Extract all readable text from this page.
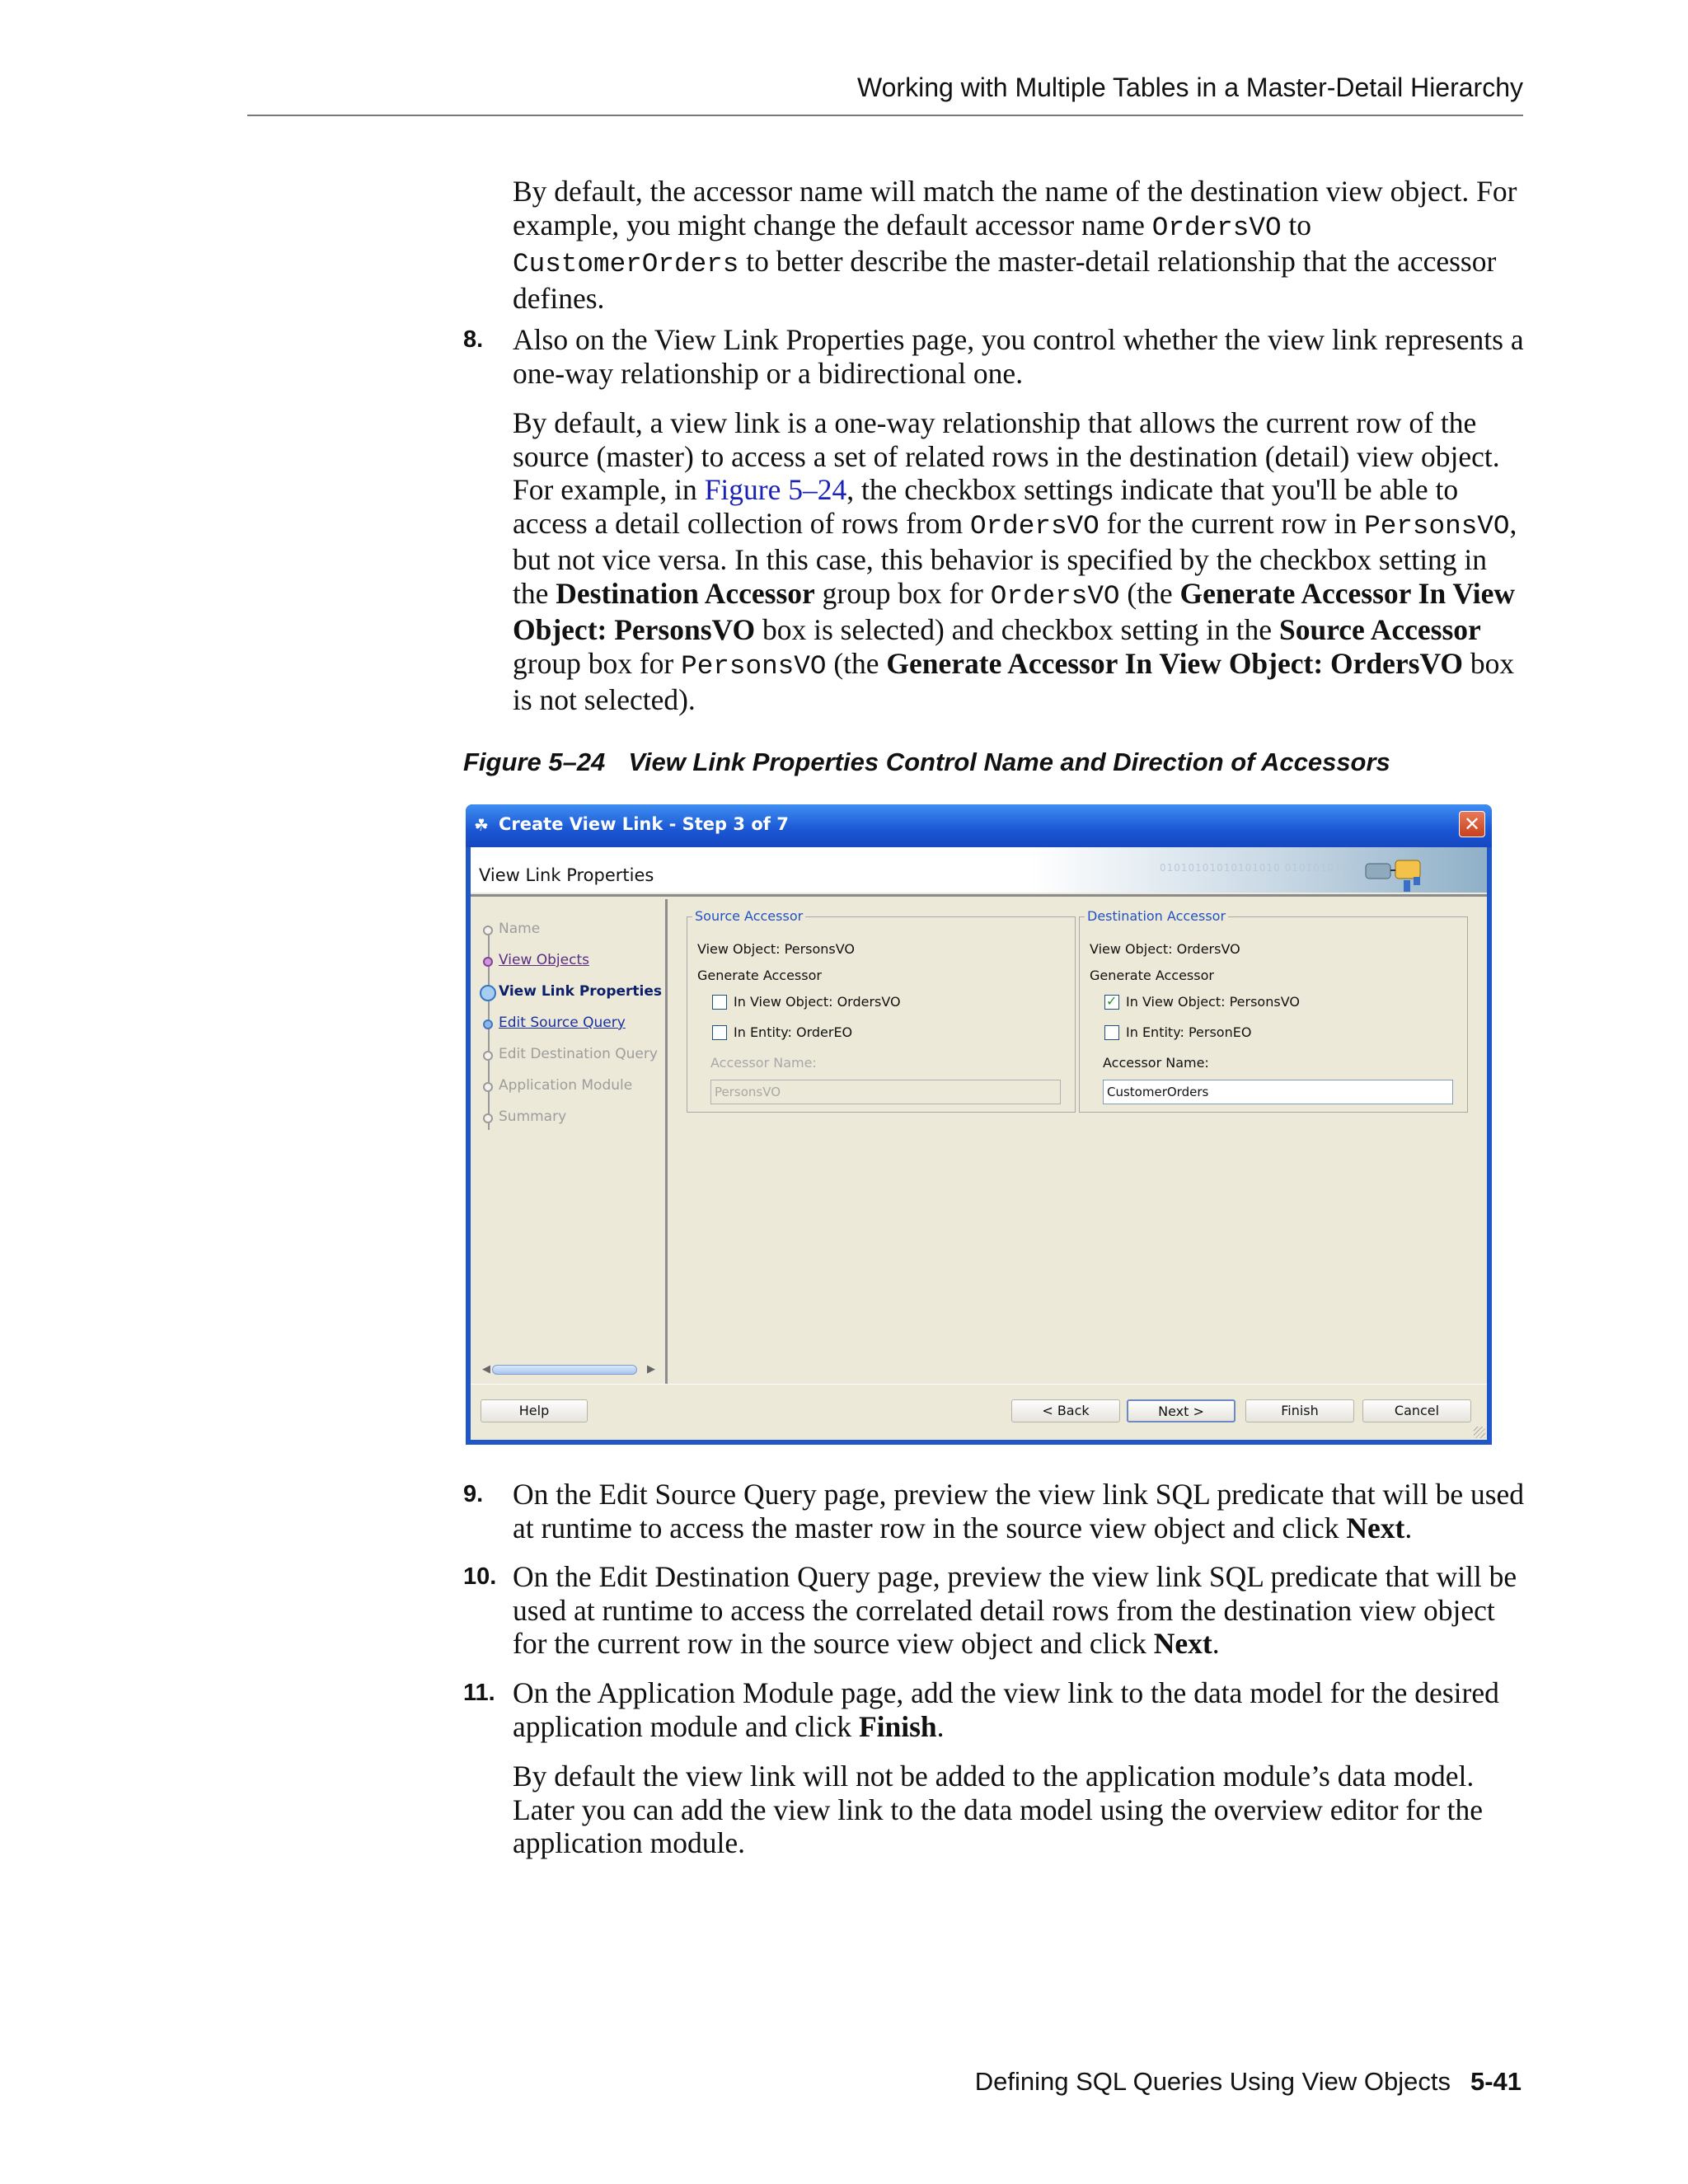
Working with Multiple Tables in a Master-Detail Hierarchy
By default, the accessor name will match the name of the destination view object. For example, you might change the default accessor name OrdersVO to CustomerOrders to better describe the master-detail relationship that the accessor defines.
8. Also on the View Link Properties page, you control whether the view link represents a one-way relationship or a bidirectional one.
By default, a view link is a one-way relationship that allows the current row of the source (master) to access a set of related rows in the destination (detail) view object. For example, in Figure 5–24, the checkbox settings indicate that you'll be able to access a detail collection of rows from OrdersVO for the current row in PersonsVO, but not vice versa. In this case, this behavior is specified by the checkbox setting in the Destination Accessor group box for OrdersVO (the Generate Accessor In View Object: PersonsVO box is selected) and checkbox setting in the Source Accessor group box for PersonsVO (the Generate Accessor In View Object: OrdersVO box is not selected).
Figure 5–24 View Link Properties Control Name and Direction of Accessors
☘ Create View Link - Step 3 of 7	✕
View Link Properties	01010101010101010 01010101010
Name
View Objects
View Link Properties
Edit Source Query
Edit Destination Query
Application Module
Summary
◀	▶
Source Accessor
View Object: PersonsVO
Generate Accessor
In View Object: OrdersVO
In Entity: OrderEO
Accessor Name:
PersonsVO
Destination Accessor
View Object: OrdersVO
Generate Accessor
✓
In View Object: PersonsVO
In Entity: PersonEO
Accessor Name:
CustomerOrders
Help	< Back	Next >	Finish	Cancel
9. On the Edit Source Query page, preview the view link SQL predicate that will be used at runtime to access the master row in the source view object and click Next.
10. On the Edit Destination Query page, preview the view link SQL predicate that will be used at runtime to access the correlated detail rows from the destination view object for the current row in the source view object and click Next.
11. On the Application Module page, add the view link to the data model for the desired application module and click Finish.
By default the view link will not be added to the application module’s data model. Later you can add the view link to the data model using the overview editor for the application module.
Defining SQL Queries Using View Objects 5-41
